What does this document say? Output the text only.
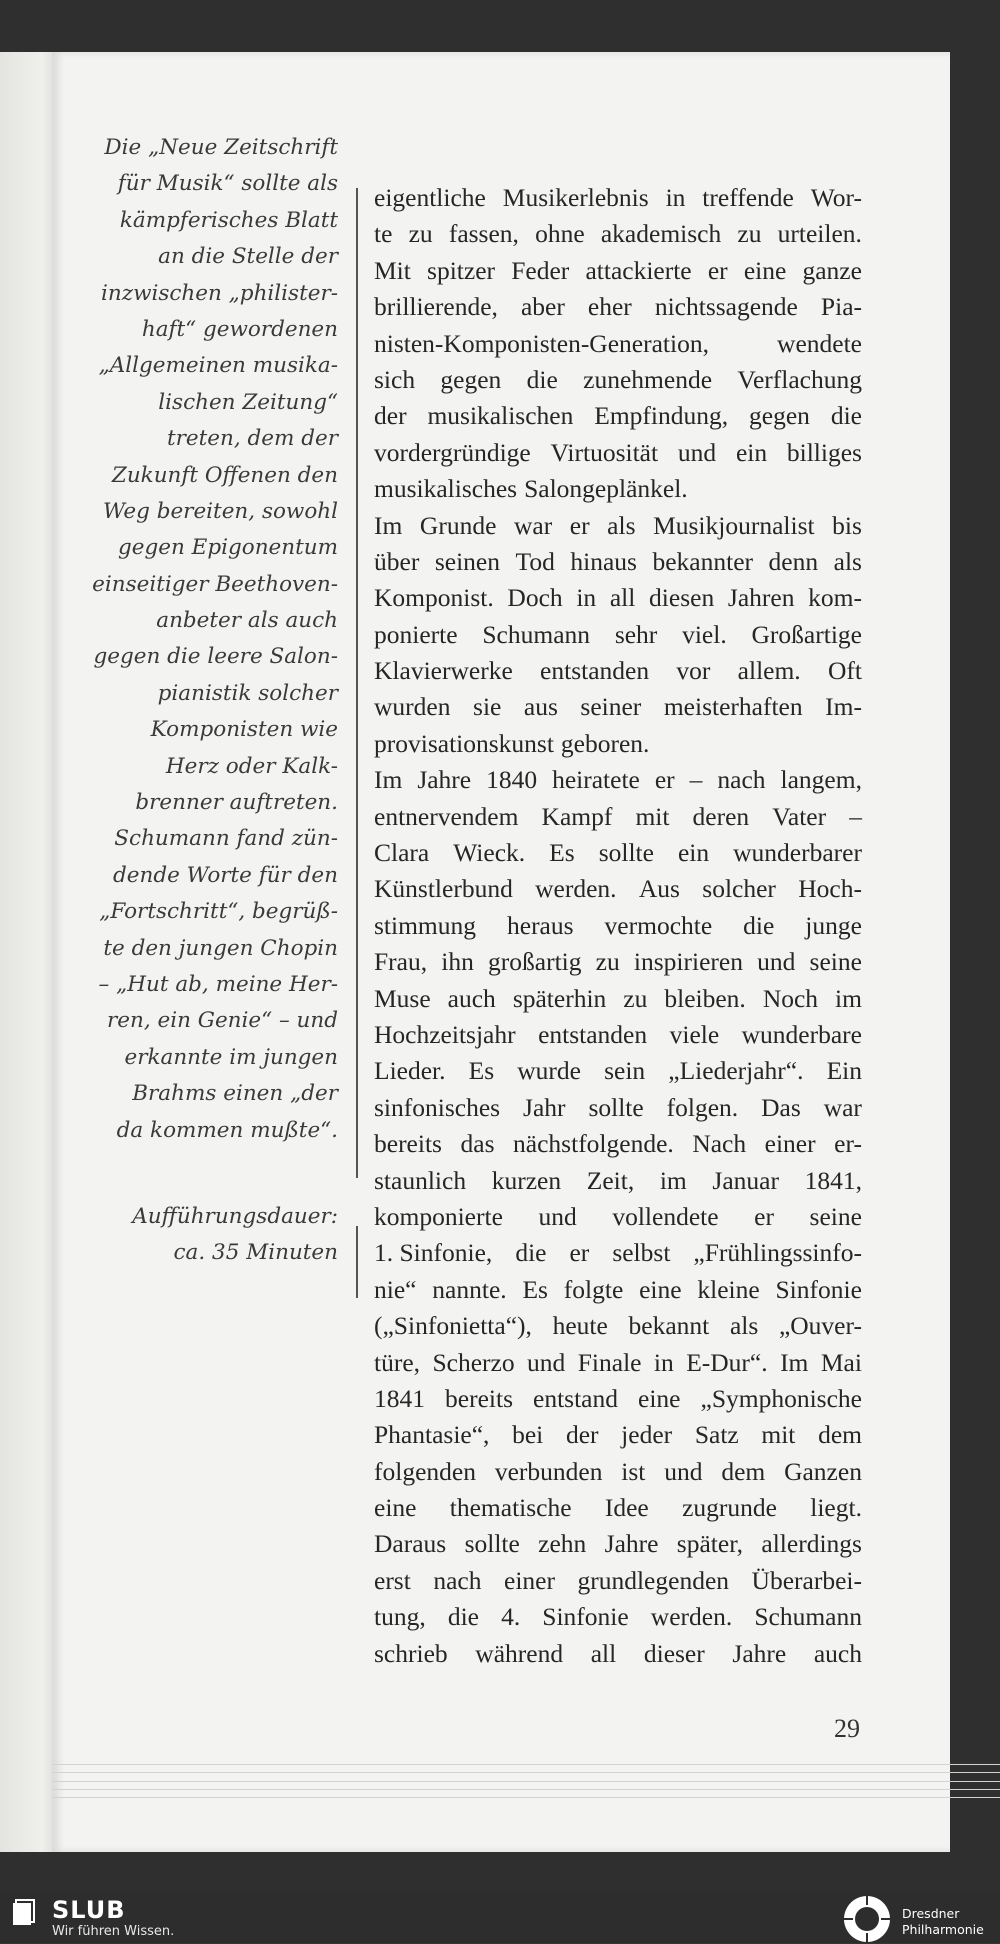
Die „Neue Zeitschrift
für Musik“ sollte als
kämpferisches Blatt
an die Stelle der
inzwischen „philister-
haft“ gewordenen
„Allgemeinen musika-
lischen Zeitung“
treten, dem der
Zukunft Offenen den
Weg bereiten, sowohl
gegen Epigonentum
einseitiger Beethoven-
anbeter als auch
gegen die leere Salon-
pianistik solcher
Komponisten wie
Herz oder Kalk-
brenner auftreten.
Schumann fand zün-
dende Worte für den
„Fortschritt“, begrüß-
te den jungen Chopin
– „Hut ab, meine Her-
ren, ein Genie“ – und
erkannte im jungen
Brahms einen „der
da kommen mußte“.
Aufführungsdauer:
ca. 35 Minuten
eigentliche Musikerlebnis in treffende Wor-
te zu fassen, ohne akademisch zu urteilen.
Mit spitzer Feder attackierte er eine ganze
brillierende, aber eher nichtssagende Pia-
nisten-Komponisten-Generation,	wendete
sich gegen die zunehmende Verflachung
der musikalischen Empfindung, gegen die
vordergründige Virtuosität und ein billiges
musikalisches Salongeplänkel.
Im Grunde war er als Musikjournalist bis
über seinen Tod hinaus bekannter denn als
Komponist. Doch in all diesen Jahren kom-
ponierte Schumann sehr viel. Großartige
Klavierwerke entstanden vor allem. Oft
wurden sie aus seiner meisterhaften Im-
provisationskunst geboren.
Im Jahre 1840 heiratete er – nach langem,
entnervendem Kampf mit deren Vater –
Clara Wieck. Es sollte ein wunderbarer
Künstlerbund werden. Aus solcher Hoch-
stimmung heraus vermochte die junge
Frau, ihn großartig zu inspirieren und seine
Muse auch späterhin zu bleiben. Noch im
Hochzeitsjahr entstanden viele wunderbare
Lieder. Es wurde sein „Liederjahr“. Ein
sinfonisches Jahr sollte folgen. Das war
bereits das nächstfolgende. Nach einer er-
staunlich kurzen Zeit, im Januar 1841,
komponierte und vollendete er seine
1. Sinfonie, die er selbst „Frühlingssinfo-
nie“ nannte. Es folgte eine kleine Sinfonie
(„Sinfonietta“), heute bekannt als „Ouver-
türe, Scherzo und Finale in E-Dur“. Im Mai
1841 bereits entstand eine „Symphonische
Phantasie“, bei der jeder Satz mit dem
folgenden verbunden ist und dem Ganzen
eine thematische Idee zugrunde liegt.
Daraus sollte zehn Jahre später, allerdings
erst nach einer grundlegenden Überarbei-
tung, die 4. Sinfonie werden. Schumann
schrieb während all dieser Jahre auch
29
SLUB
Wir führen Wissen.
Dresdner
Philharmonie
